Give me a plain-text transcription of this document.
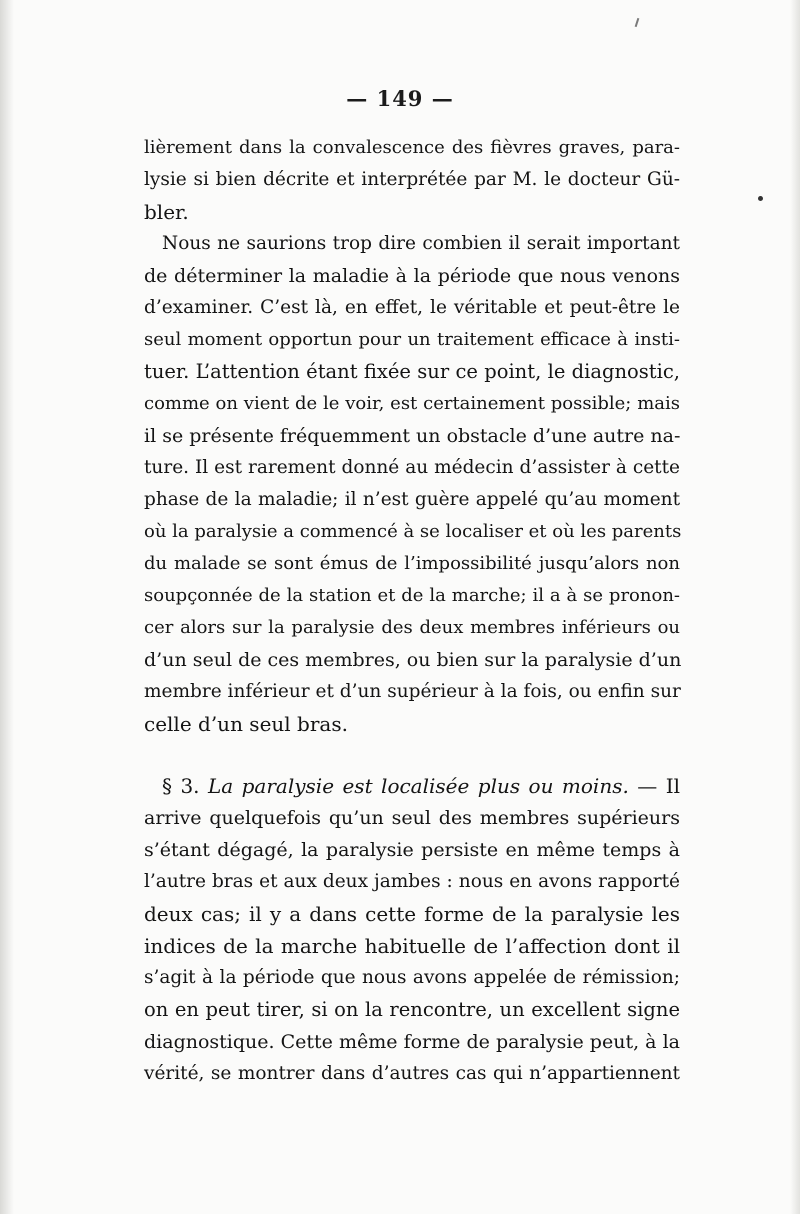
— 149 —
lièrement dans la convalescence des fièvres graves, para-
lysie si bien décrite et interprétée par M. le docteur Gü-
bler.
Nous ne saurions trop dire combien il serait important
de déterminer la maladie à la période que nous venons
d’examiner. C’est là, en effet, le véritable et peut-être le
seul moment opportun pour un traitement efficace à insti-
tuer. L’attention étant fixée sur ce point, le diagnostic,
comme on vient de le voir, est certainement possible; mais
il se présente fréquemment un obstacle d’une autre na-
ture. Il est rarement donné au médecin d’assister à cette
phase de la maladie; il n’est guère appelé qu’au moment
où la paralysie a commencé à se localiser et où les parents
du malade se sont émus de l’impossibilité jusqu’alors non
soupçonnée de la station et de la marche; il a à se pronon-
cer alors sur la paralysie des deux membres inférieurs ou
d’un seul de ces membres, ou bien sur la paralysie d’un
membre inférieur et d’un supérieur à la fois, ou enfin sur
celle d’un seul bras.
§ 3. La paralysie est localisée plus ou moins. — Il
arrive quelquefois qu’un seul des membres supérieurs
s’étant dégagé, la paralysie persiste en même temps à
l’autre bras et aux deux jambes : nous en avons rapporté
deux cas; il y a dans cette forme de la paralysie les
indices de la marche habituelle de l’affection dont il
s’agit à la période que nous avons appelée de rémission;
on en peut tirer, si on la rencontre, un excellent signe
diagnostique. Cette même forme de paralysie peut, à la
vérité, se montrer dans d’autres cas qui n’appartiennent
